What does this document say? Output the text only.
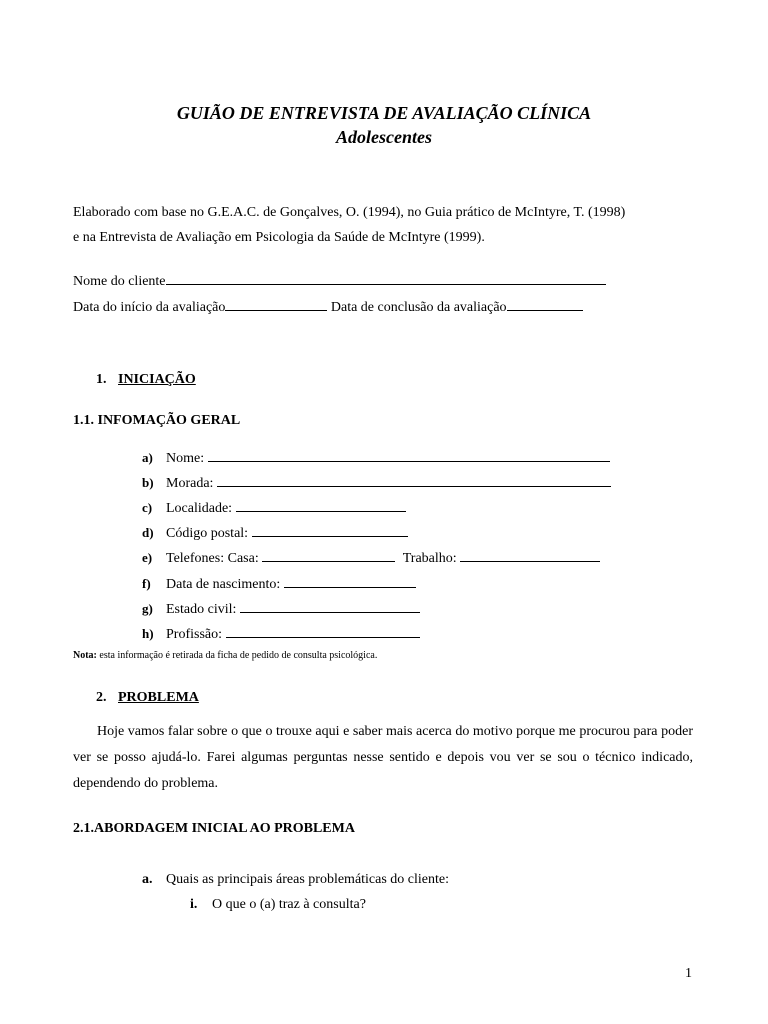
GUIÃO DE ENTREVISTA DE AVALIAÇÃO CLÍNICA
Adolescentes
Elaborado com base no G.E.A.C. de Gonçalves, O. (1994), no Guia prático de McIntyre, T. (1998)
e na Entrevista de Avaliação em Psicologia da Saúde de McIntyre (1999).
Nome do cliente
Data do início da avaliação	Data de conclusão da avaliação
1. INICIAÇÃO
1.1. INFOMAÇÃO GERAL
a) Nome:
b) Morada:
c) Localidade:
d) Código postal:
e) Telefones: Casa:	Trabalho:
f) Data de nascimento:
g) Estado civil:
h) Profissão:
Nota: esta informação é retirada da ficha de pedido de consulta psicológica.
2. PROBLEMA
Hoje vamos falar sobre o que o trouxe aqui e saber mais acerca do motivo porque me procurou para poder ver se posso ajudá-lo. Farei algumas perguntas nesse sentido e depois vou ver se sou o técnico indicado, dependendo do problema.
2.1.ABORDAGEM INICIAL AO PROBLEMA
a. Quais as principais áreas problemáticas do cliente:
i. O que o (a) traz à consulta?
1
